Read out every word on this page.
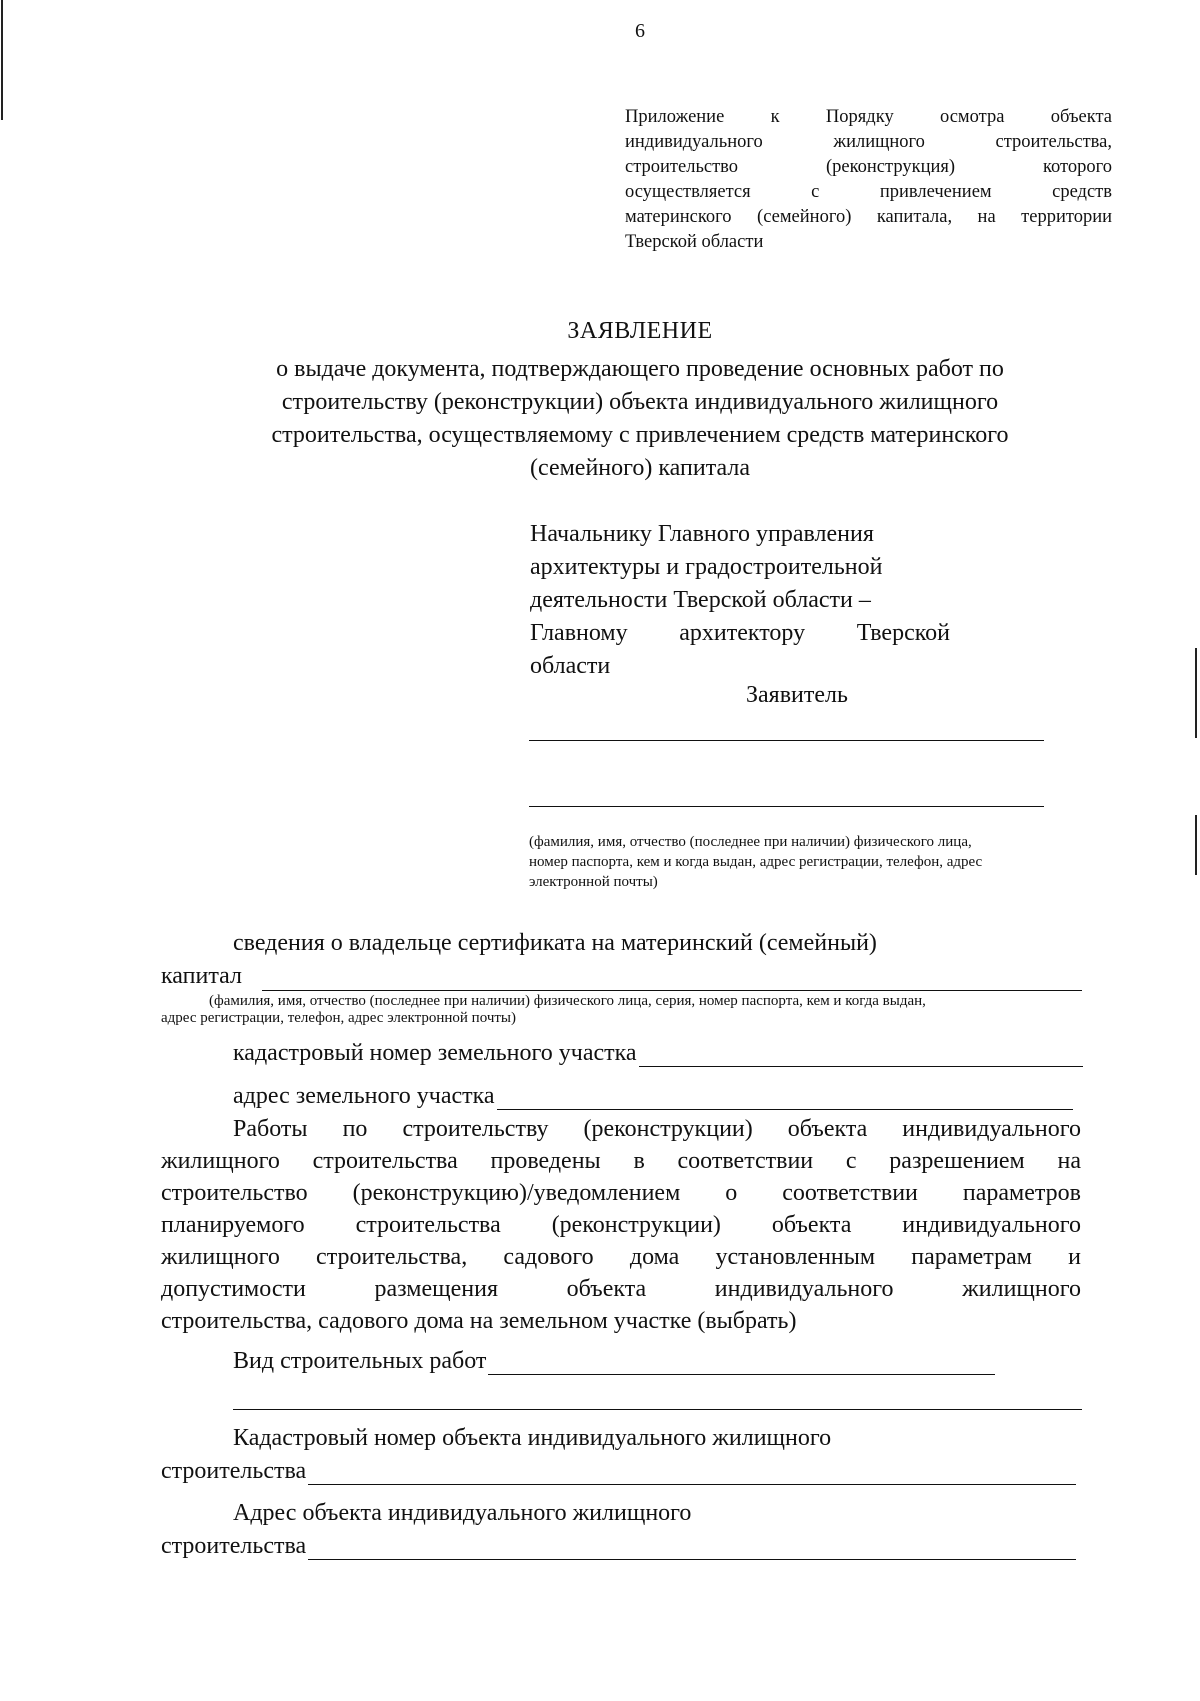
6
Приложение к Порядку осмотра объекта
индивидуального жилищного строительства,
строительство (реконструкция) которого
осуществляется с привлечением средств
материнского (семейного) капитала, на территории
Тверской области
ЗАЯВЛЕНИЕ
о выдаче документа, подтверждающего проведение основных работ по
строительству (реконструкции) объекта индивидуального жилищного
строительства, осуществляемому с привлечением средств материнского
(семейного) капитала
Начальнику Главного управления
архитектуры и градостроительной
деятельности Тверской области –
Главному архитектору Тверской
области
Заявитель
(фамилия, имя, отчество (последнее при наличии) физического лица,
номер паспорта, кем и когда выдан, адрес регистрации, телефон, адрес
электронной почты)
сведения о владельце сертификата на материнский (семейный)
капитал
(фамилия, имя, отчество (последнее при наличии) физического лица, серия, номер паспорта, кем и когда выдан,
адрес регистрации, телефон, адрес электронной почты)
кадастровый номер земельного участка
адрес земельного участка
Работы по строительству (реконструкции) объекта индивидуального
жилищного строительства проведены в соответствии с разрешением на
строительство (реконструкцию)/уведомлением о соответствии параметров
планируемого строительства (реконструкции) объекта индивидуального
жилищного строительства, садового дома установленным параметрам и
допустимости размещения объекта индивидуального жилищного
строительства, садового дома на земельном участке (выбрать)
Вид строительных работ
Кадастровый номер объекта индивидуального жилищного
строительства
Адрес объекта индивидуального жилищного
строительства
